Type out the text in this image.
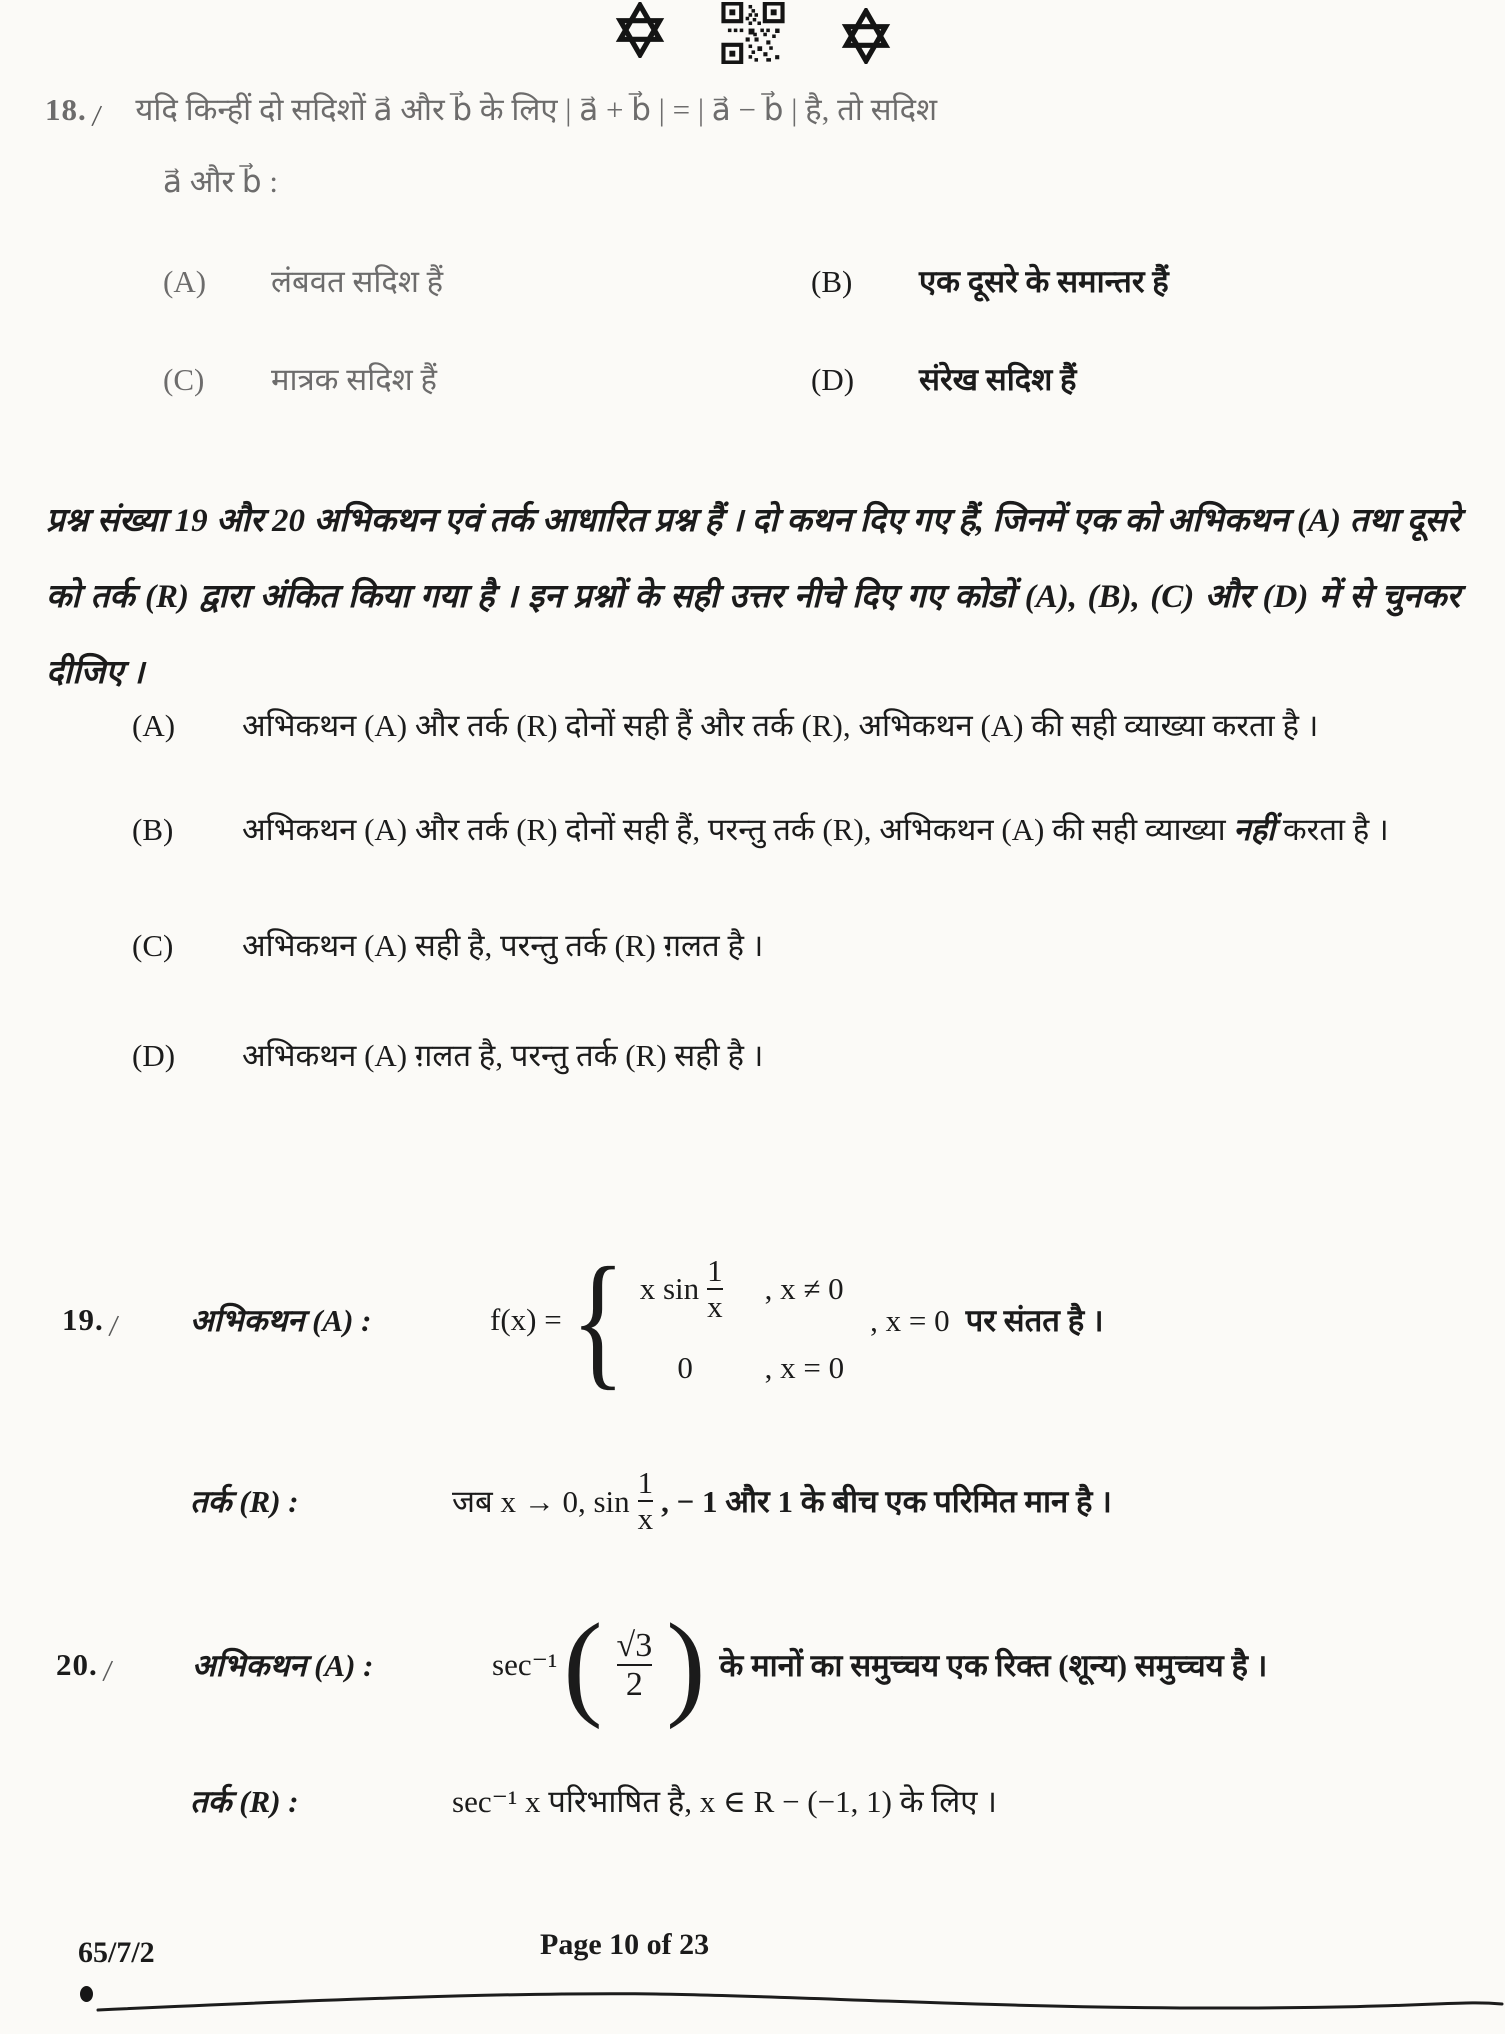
18. / यदि किन्हीं दो सदिशों a⃗ और b⃗ के लिए | a⃗ + b⃗ | = | a⃗ − b⃗ | है, तो सदिश
a⃗ और b⃗ :
(A)	लंबवत सदिश हैं	(B)	एक दूसरे के समान्तर हैं
(C)	मात्रक सदिश हैं	(D)	संरेख सदिश हैं

प्रश्न संख्या 19 और 20 अभिकथन एवं तर्क आधारित प्रश्न हैं । दो कथन दिए गए हैं, जिनमें एक को अभिकथन (A) तथा दूसरे को तर्क (R) द्वारा अंकित किया गया है । इन प्रश्नों के सही उत्तर नीचे दिए गए कोडों (A), (B), (C) और (D) में से चुनकर दीजिए ।

(A)	अभिकथन (A) और तर्क (R) दोनों सही हैं और तर्क (R), अभिकथन (A) की सही व्याख्या करता है ।
(B)	अभिकथन (A) और तर्क (R) दोनों सही हैं, परन्तु तर्क (R), अभिकथन (A) की सही व्याख्या नहीं करता है ।
(C)	अभिकथन (A) सही है, परन्तु तर्क (R) ग़लत है ।
(D)	अभिकथन (A) ग़लत है, परन्तु तर्क (R) सही है ।
19. /	अभिकथन (A) :	f(x) = { x $\sin \frac{1}{x}$ , x ≠ 0
0 , x = 0
, x = 0 पर संतत है ।
तर्क (R) :	जब x → 0, $\sin \frac{1}{x}$ , − 1 और 1 के बीच एक परिमित मान है ।
20. /	अभिकथन (A) :	sec⁻¹ ( $\frac{√3}{2}$ ) के मानों का समुच्चय एक रिक्त (शून्य) समुच्चय है ।
तर्क (R) :	sec⁻¹ x परिभाषित है, x ∈ R − (−1, 1) के लिए ।
65/7/2	Page 10 of 23
